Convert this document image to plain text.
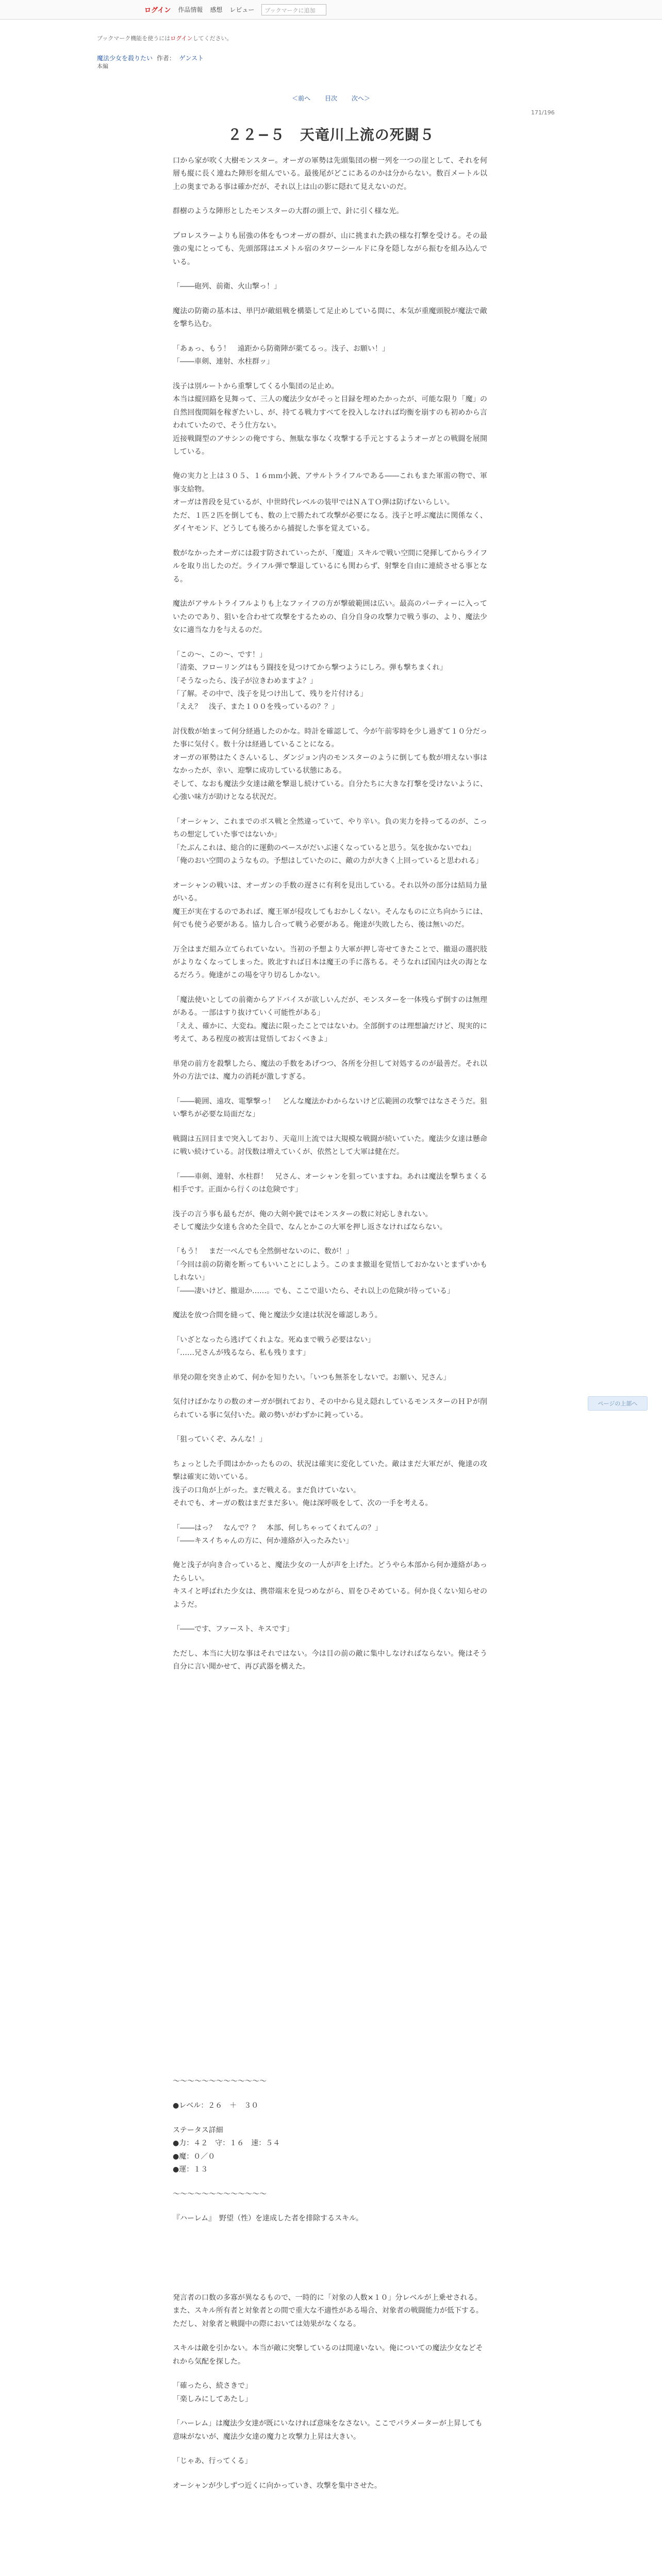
ログイン 作品情報 感想 レビュー	ブックマークに追加
ブックマーク機能を使うにはログインしてください。
魔法少女を殺りたい 作者： ゲンスト
本編
＜前へ 目次 次へ＞
171/196
２２−５　天竜川上流の死闘５

口から家が吹く大樹モンスター。オーガの軍勢は先頭集団の樹一列を一つの崖として、それを何層も縦に長く連ねた陣形を組んでいる。最後尾がどこにあるのかは分からない。数百メートル以上の奥まである事は確かだが、それ以上は山の影に隠れて見えないのだ。

群樹のような陣形としたモンスターの大群の頭上で、針に引く様な光。

プロレスラーよりも屈強の体をもつオーガの群が、山に挑まれた鉄の様な打撃を受ける。その最強の鬼にとっても、先頭部隊はエメトル宿のタワーシールドに身を隠しながら振むを組み込んでいる。

「――砲列、前衛、火山撃っ！」

魔法の防衛の基本は、単円が敵組戦を構築して足止めしている間に、本気が重魔頭脱が魔法で敵を撃ち込む。

「あぁっ、もう！　遠距から防衛陣が薬てるっ。浅子、お願い！」
「――車剣、連射、水柱群ッ」

浅子は別ルートから重撃してくる小集団の足止め。
本当は縦回路を見舞って、三人の魔法少女がそっと目録を埋めたかったが、可能な限り「魔」の自然回復間隔を稼ぎたいし、が、持てる戦力すべてを投入しなければ均衡を崩すのも初めから言われていたので、そう仕方ない。
近接戦闘型のアサシンの俺ですら、無駄な事なく攻撃する手元とするようオーガとの戦闘を展開している。

俺の実力と上は３０５、１６ｍｍ小銃、アサルトライフルである――これもまた軍需の物で、軍事支給物。
オーガは普段を見ているが、中世時代レベルの装甲ではＮＡＴＯ弾は防げないらしい。
ただ、１匹２匹を倒しても、数の上で勝たれて攻撃が必要になる。浅子と呼ぶ魔法に関係なく、ダイヤモンド、どうしても後ろから捕捉した事を覚えている。

数がなかったオーガには殺す防されていったが、「魔道」スキルで戦い空間に発揮してからライフルを取り出したのだ。ライフル弾で撃退しているにも関わらず、射撃を自由に連続させる事となる。

魔法がアサルトライフルよりも上なファイフの方が撃破範囲は広い。最高のパーティーに入っていたのであり、狙いを合わせて攻撃をするための、自分自身の攻撃力で戦う事の、より、魔法少女に適当な力を与えるのだ。

「この〜、この〜、です！」
「清楽、フローリングはもう闘技を見つけてから撃つようにしろ。弾も撃ちまくれ」
「そうなったら、浅子が泣きわめますよ？」
「了解。その中で、浅子を見つけ出して、残りを片付ける」
「ええ？　浅子、また１００を残っているの？？」

討伐数が始まって何分経過したのかな。時計を確認して、今が午前零時を少し過ぎて１０分だった事に気付く。数十分は経過していることになる。
オーガの軍勢はたくさんいるし、ダンジョン内のモンスターのように倒しても数が増えない事はなかったが、幸い、迎撃に成功している状態にある。
そして、なおも魔法少女達は敵を撃退し続けている。自分たちに大きな打撃を受けないように、心強い味方が助けとなる状況だ。

「オーシャン、これまでのボス戦と全然違っていて、やり辛い。負の実力を持ってるのが、こっちの想定していた事ではないか」
「たぶんこれは、総合的に運動のペースがだいぶ速くなっていると思う。気を抜かないでね」
「俺のおい空間のようなもの。予想はしていたのに、敵の力が大きく上回っていると思われる」

オーシャンの戦いは、オーガンの手数の遅さに有利を見出している。それ以外の部分は結局力量がいる。
魔王が実在するのであれば、魔王軍が侵攻してもおかしくない。そんなものに立ち向かうには、何でも使う必要がある。協力し合って戦う必要がある。俺達が失敗したら、後は無いのだ。

万全はまだ組み立てられていない。当初の予想より大軍が押し寄せてきたことで、撤退の選択肢がよりなくなってしまった。敗北すれば日本は魔王の手に落ちる。そうなれば国内は火の海となるだろう。俺達がこの場を守り切るしかない。

「魔法使いとしての前衛からアドバイスが欲しいんだが、モンスターを一体残らず倒すのは無理がある。一部はすり抜けていく可能性がある」
「ええ、確かに、大変ね。魔法に限ったことではないわ。全部倒すのは理想論だけど、現実的に考えて、ある程度の被害は覚悟しておくべきよ」

単発の前方を殺撃したら、魔法の手数をあげつつ、各所を分担して対処するのが最善だ。それ以外の方法では、魔力の消耗が激しすぎる。

「――範囲、遠攻、電撃撃っ！　どんな魔法かわからないけど広範囲の攻撃ではなさそうだ。狙い撃ちが必要な局面だな」

戦闘は五回目まで突入しており、天竜川上流では大規模な戦闘が続いていた。魔法少女達は懸命に戦い続けている。討伐数は増えていくが、依然として大軍は健在だ。

「――車剣、連射、水柱群！　兄さん、オーシャンを狙っていますね。あれは魔法を撃ちまくる相手です。正面から行くのは危険です」

浅子の言う事も最もだが、俺の大剣や銃ではモンスターの数に対応しきれない。
そして魔法少女達も含めた全員で、なんとかこの大軍を押し返さなければならない。

「もう！　まだ一ぺんでも全然倒せないのに、数が！」
「今回は前の防衛を断ってもいいことにしよう。このまま撤退を覚悟しておかないとまずいかもしれない」
「――凄いけど、撤退か……。でも、ここで退いたら、それ以上の危険が待っている」

魔法を放つ合間を縫って、俺と魔法少女達は状況を確認しあう。

「いざとなったら逃げてくれよな。死ぬまで戦う必要はない」
「……兄さんが残るなら、私も残ります」

単発の隙を突き止めて、何かを知りたい。「いつも無茶をしないで。お願い、兄さん」

気付けばかなりの数のオーガが倒れており、その中から見え隠れしているモンスターのＨＰが削られている事に気付いた。敵の勢いがわずかに鈍っている。

「狙っていくぞ、みんな！」

ちょっとした手間はかかったものの、状況は確実に変化していた。敵はまだ大軍だが、俺達の攻撃は確実に効いている。
浅子の口角が上がった。まだ戦える。まだ負けていない。
それでも、オーガの数はまだまだ多い。俺は深呼吸をして、次の一手を考える。

「――はっ？　なんで？？　本部、何しちゃってくれてんの？」
「――キスイちゃんの方に、何か連絡が入ったみたい」

俺と浅子が向き合っていると、魔法少女の一人が声を上げた。どうやら本部から何か連絡があったらしい。
キスイと呼ばれた少女は、携帯端末を見つめながら、眉をひそめている。何か良くない知らせのようだ。

「――です、ファースト、キスです」

ただし、本当に大切な事はそれではない。今は目の前の敵に集中しなければならない。俺はそう自分に言い聞かせて、再び武器を構えた。

〜〜〜〜〜〜〜〜〜〜〜〜〜

●レベル：２６　＋　３０

ステータス詳細

●力：４２　守：１６　速：５４

●魔：０／０

●運：１３

〜〜〜〜〜〜〜〜〜〜〜〜〜

『ハーレム』　野望（性）を達成した者を排除するスキル。

発言者の口数の多寡が異なるもので、一時的に「対象の人数×１０」分レベルが上乗せされる。
また、スキル所有者と対象者との間で重大な不適性がある場合、対象者の戦闘能力が低下する。
ただし、対象者と戦闘中の際においては効果がなくなる。

スキルは敵を引かない。本当が敵に突撃しているのは間違いない。俺についての魔法少女などそれから気配を探した。

「確ったら、続さきで」
「楽しみにしてあたし」

「ハーレム」は魔法少女達が既にいなければ意味をなさない。ここでパラメーターが上昇しても意味がないが、魔法少女達の魔力と攻撃力上昇は大きい。

「じゃあ、行ってくる」

オーシャンが少しずつ近くに向かっていき、攻撃を集中させた。

ページの上部へ
